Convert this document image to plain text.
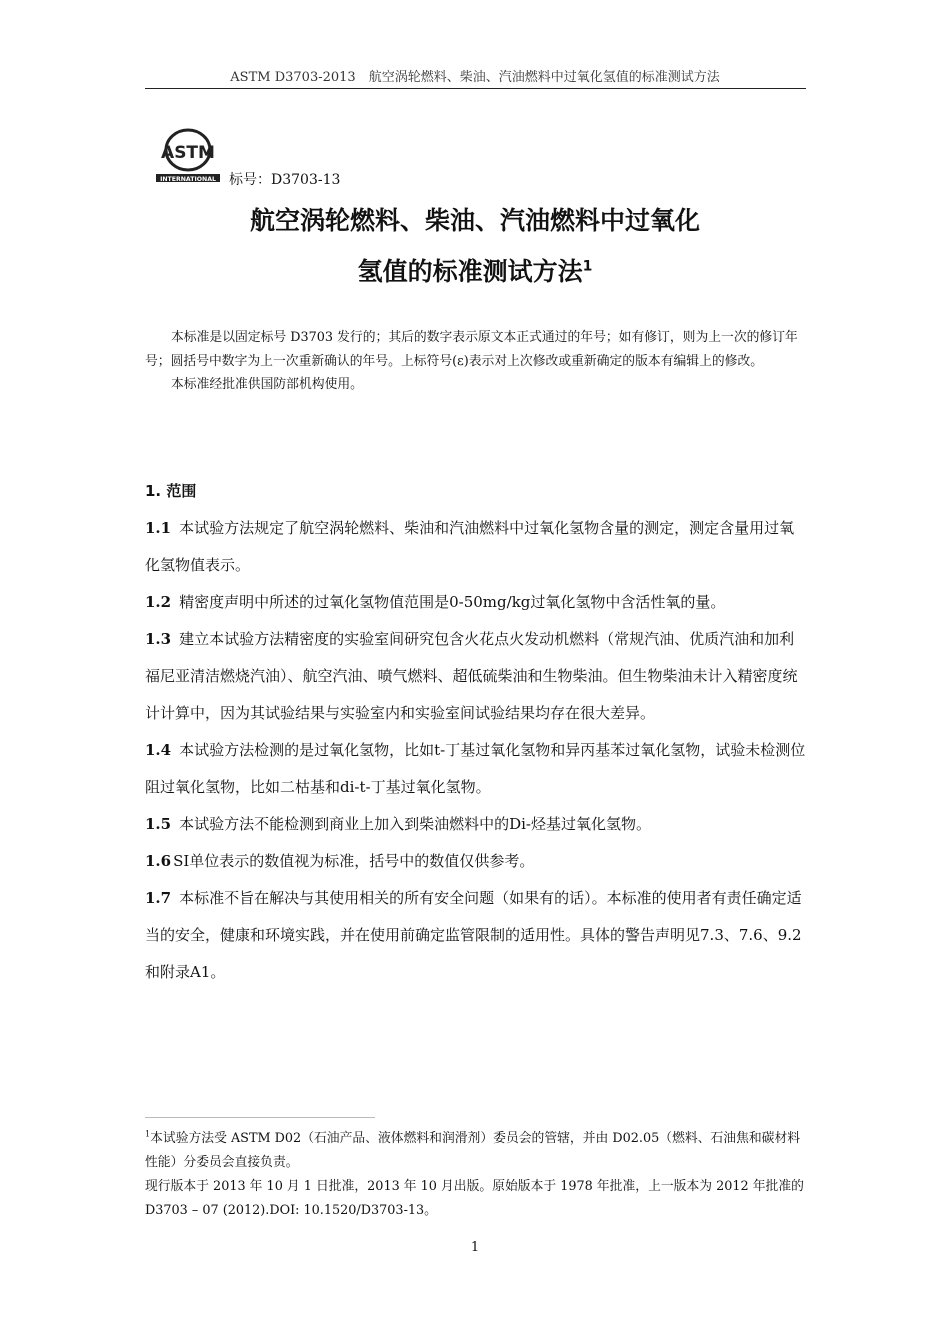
ASTM D3703-2013　航空涡轮燃料、柴油、汽油燃料中过氧化氢值的标准测试方法
ASTM
INTERNATIONAL 标号：D3703-13
航空涡轮燃料、柴油、汽油燃料中过氧化
氢值的标准测试方法$^1$

本标准是以固定标号 D3703 发行的；其后的数字表示原文本正式通过的年号；如有修订，则为上一次的修订年号；圆括号中数字为上一次重新确认的年号。上标符号(ε)表示对上次修改或重新确定的版本有编辑上的修改。

本标准经批准供国防部机构使用。

1. 范围

1.1 本试验方法规定了航空涡轮燃料、柴油和汽油燃料中过氧化氢物含量的测定，测定含量用过氧化氢物值表示。

1.2 精密度声明中所述的过氧化氢物值范围是0-50mg/kg过氧化氢物中含活性氧的量。

1.3 建立本试验方法精密度的实验室间研究包含火花点火发动机燃料（常规汽油、优质汽油和加利福尼亚清洁燃烧汽油）、航空汽油、喷气燃料、超低硫柴油和生物柴油。但生物柴油未计入精密度统计计算中，因为其试验结果与实验室内和实验室间试验结果均存在很大差异。

1.4 本试验方法检测的是过氧化氢物，比如t-丁基过氧化氢物和异丙基苯过氧化氢物，试验未检测位阻过氧化氢物，比如二枯基和di-t-丁基过氧化氢物。

1.5 本试验方法不能检测到商业上加入到柴油燃料中的Di-烃基过氧化氢物。

1.6 SI单位表示的数值视为标准，括号中的数值仅供参考。

1.7 本标准不旨在解决与其使用相关的所有安全问题（如果有的话）。本标准的使用者有责任确定适当的安全，健康和环境实践，并在使用前确定监管限制的适用性。具体的警告声明见7.3、7.6、9.2和附录A1。

$^1$本试验方法受 ASTM D02（石油产品、液体燃料和润滑剂）委员会的管辖，并由 D02.05（燃料、石油焦和碳材料性能）分委员会直接负责。

现行版本于 2013 年 10 月 1 日批准，2013 年 10 月出版。原始版本于 1978 年批准，上一版本为 2012 年批准的 D3703 – 07 (2012).DOI: 10.1520/D3703-13。

1
